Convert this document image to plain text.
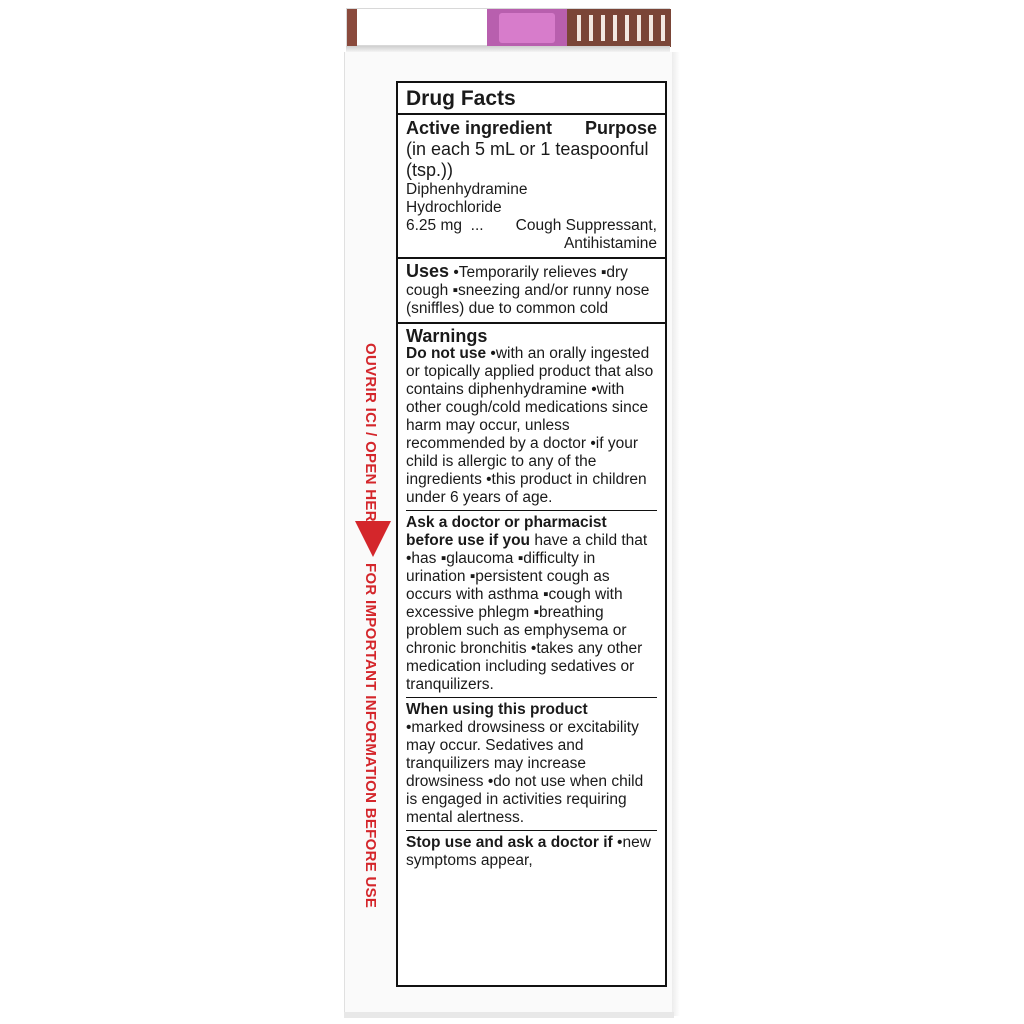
OUVRIR ICI / OPEN HERE
FOR IMPORTANT INFORMATION BEFORE USE
Drug Facts
Active ingredient Purpose
(in each 5 mL or 1 teaspoonful (tsp.))
Diphenhydramine
Hydrochloride
6.25 mg ... Cough Suppressant,
Antihistamine
Uses •Temporarily relieves ▪dry cough ▪sneezing and/or runny nose (sniffles) due to common cold
Warnings
Do not use •with an orally ingested or topically applied product that also contains diphenhydramine •with other cough/cold medications since harm may occur, unless recommended by a doctor •if your child is allergic to any of the ingredients •this product in children under 6 years of age.
Ask a doctor or pharmacist before use if you have a child that •has ▪glaucoma ▪difficulty in urination ▪persistent cough as occurs with asthma ▪cough with excessive phlegm ▪breathing problem such as emphysema or chronic bronchitis •takes any other medication including sedatives or tranquilizers.
When using this product
•marked drowsiness or excitability may occur. Sedatives and tranquilizers may increase drowsiness •do not use when child is engaged in activities requiring mental alertness.
Stop use and ask a doctor if •new symptoms appear,
